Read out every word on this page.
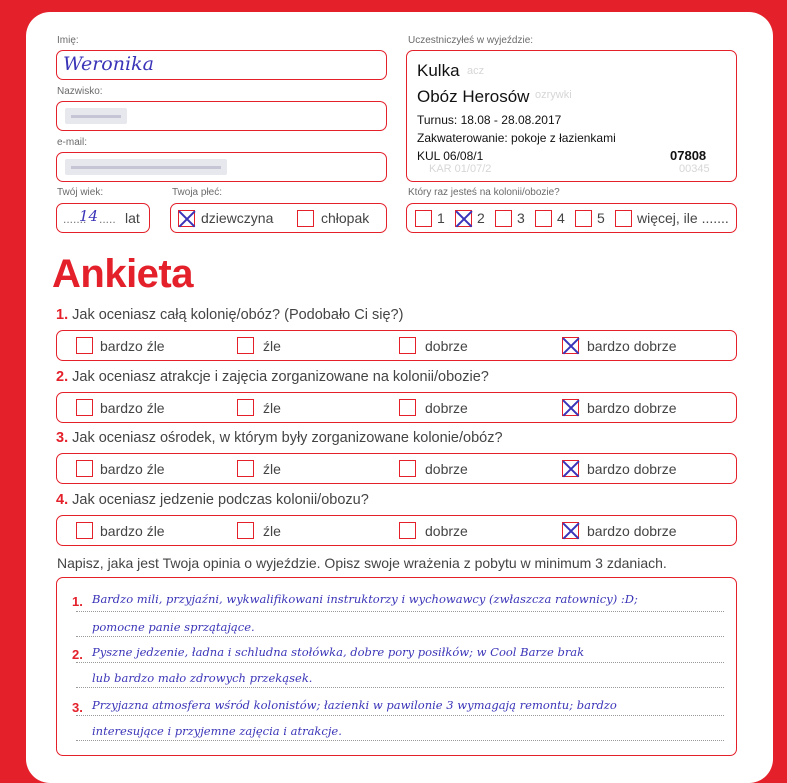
Imię:
Weronika
Nazwisko:
e-mail:
Twój wiek:
.......
14 ..... lat
Twoja płeć:
dziewczyna	chłopak
Uczestniczyłeś w wyjeździe:
acz
ozrywki
KAR 01/07/2	00345
Kulka
Obóz Herosów
Turnus: 18.08 - 28.08.2017
Zakwaterowanie: pokoje z łazienkami
KUL 06/08/1	07808
Który raz jesteś na kolonii/obozie?
1 2 3 4 5 więcej, ile .......
Ankieta
1. Jak oceniasz całą kolonię/obóz? (Podobało Ci się?)
bardzo źle	źle	dobrze	bardzo dobrze
2. Jak oceniasz atrakcje i zajęcia zorganizowane na kolonii/obozie?
bardzo źle	źle	dobrze	bardzo dobrze
3. Jak oceniasz ośrodek, w którym były zorganizowane kolonie/obóz?
bardzo źle	źle	dobrze	bardzo dobrze
4. Jak oceniasz jedzenie podczas kolonii/obozu?
bardzo źle	źle	dobrze	bardzo dobrze
Napisz, jaka jest Twoja opinia o wyjeździe. Opisz swoje wrażenia z pobytu w minimum 3 zdaniach.
1. Bardzo mili, przyjaźni, wykwalifikowani instruktorzy i wychowawcy (zwłaszcza ratownicy) :D;
pomocne panie sprzątające.
2. Pyszne jedzenie, ładna i schludna stołówka, dobre pory posiłków; w Cool Barze brak
lub bardzo mało zdrowych przekąsek.
3. Przyjazna atmosfera wśród kolonistów; łazienki w pawilonie 3 wymagają remontu; bardzo
interesujące i przyjemne zajęcia i atrakcje.
